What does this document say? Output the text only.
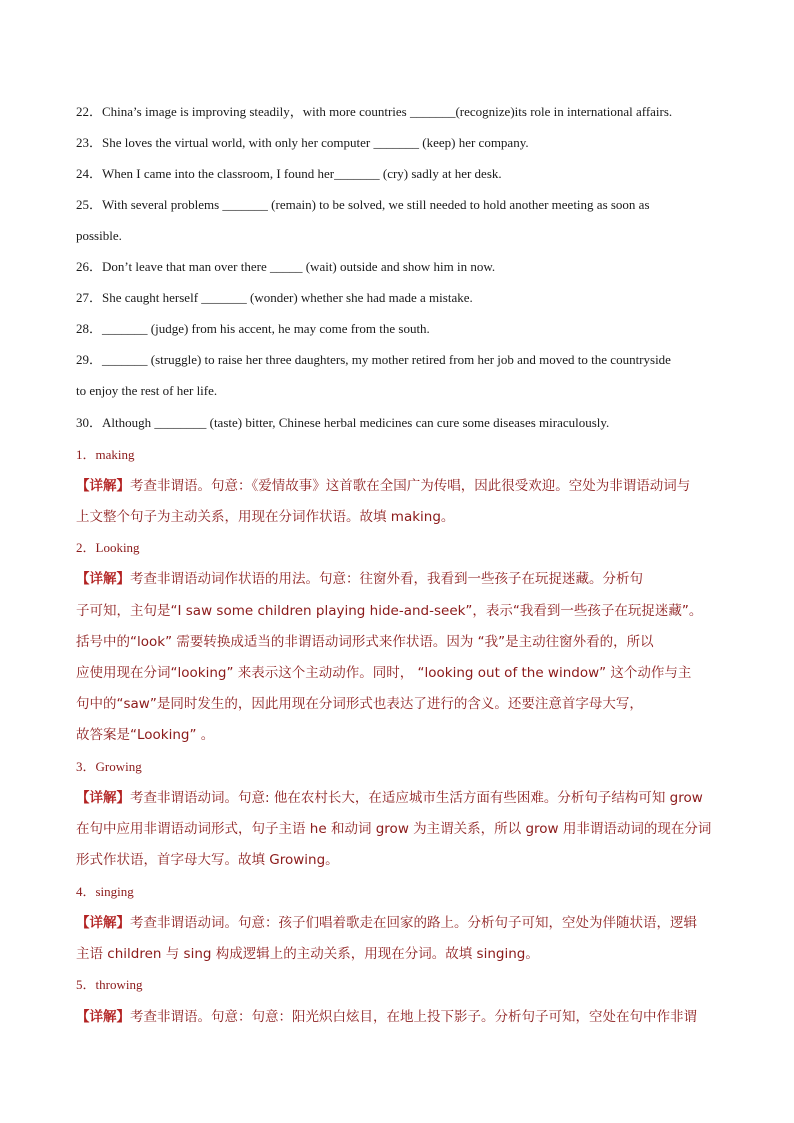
22．China’s image is improving steadily，with more countries _______(recognize)its role in international affairs.
23．She loves the virtual world, with only her computer _______ (keep) her company.
24．When I came into the classroom, I found her_______ (cry) sadly at her desk.
25．With several problems _______ (remain) to be solved, we still needed to hold another meeting as soon as
possible.
26．Don’t leave that man over there _____ (wait) outside and show him in now.
27．She caught herself _______ (wonder) whether she had made a mistake.
28．_______ (judge) from his accent, he may come from the south.
29．_______ (struggle) to raise her three daughters, my mother retired from her job and moved to the countryside
to enjoy the rest of her life.
30．Although ________ (taste) bitter, Chinese herbal medicines can cure some diseases miraculously.
1．making
【详解】考查非谓语。句意：《爱情故事》这首歌在全国广为传唱，因此很受欢迎。空处为非谓语动词与
上文整个句子为主动关系，用现在分词作状语。故填 making。
2．Looking
【详解】考查非谓语动词作状语的用法。句意：往窗外看，我看到一些孩子在玩捉迷藏。分析句
子可知，主句是“I saw some children playing hide-and-seek”，表示“我看到一些孩子在玩捉迷藏”。
括号中的“look” 需要转换成适当的非谓语动词形式来作状语。因为 “我”是主动往窗外看的，所以
应使用现在分词“looking” 来表示这个主动动作。同时， “looking out of the window” 这个动作与主
句中的“saw”是同时发生的，因此用现在分词形式也表达了进行的含义。还要注意首字母大写，
故答案是“Looking” 。
3．Growing
【详解】考查非谓语动词。句意: 他在农村长大，在适应城市生活方面有些困难。分析句子结构可知 grow
在句中应用非谓语动词形式，句子主语 he 和动词 grow 为主谓关系，所以 grow 用非谓语动词的现在分词
形式作状语，首字母大写。故填 Growing。
4．singing
【详解】考查非谓语动词。句意：孩子们唱着歌走在回家的路上。分析句子可知，空处为伴随状语，逻辑
主语 children 与 sing 构成逻辑上的主动关系，用现在分词。故填 singing。
5．throwing
【详解】考查非谓语。句意：句意：阳光炽白炫目，在地上投下影子。分析句子可知，空处在句中作非谓
